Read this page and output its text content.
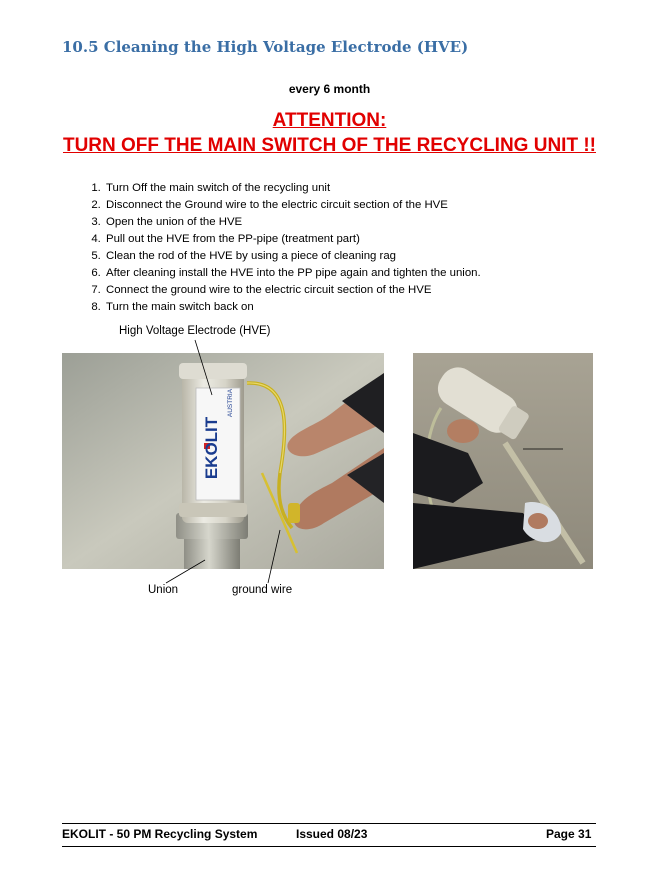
10.5 Cleaning the High Voltage Electrode (HVE)
every 6 month
ATTENTION:
TURN OFF THE MAIN SWITCH OF THE RECYCLING UNIT !!
1. Turn Off the main switch of the recycling unit
2. Disconnect the Ground wire to the electric circuit section of the HVE
3. Open the union of the HVE
4. Pull out the HVE from the PP-pipe (treatment part)
5. Clean the rod of the HVE by using a piece of cleaning rag
6. After cleaning install the HVE into the PP pipe again and tighten the union.
7. Connect the ground wire to the electric circuit section of the HVE
8. Turn the main switch back on
High Voltage Electrode (HVE)
EKOLIT
AUSTRIA
Union	ground wire
EKOLIT - 50 PM Recycling System	Issued 08/23	Page 31
